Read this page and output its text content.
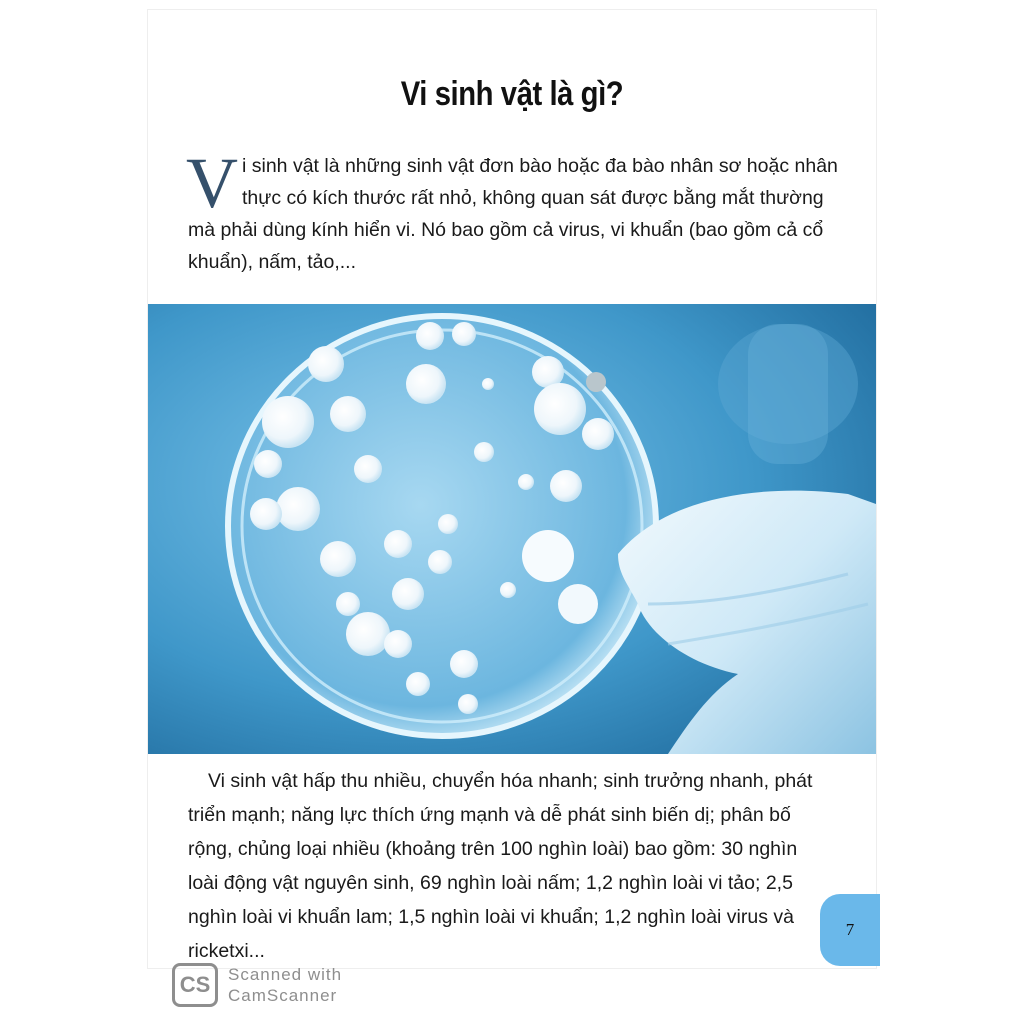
Vi sinh vật là gì?
Vi sinh vật là những sinh vật đơn bào hoặc đa bào nhân sơ hoặc nhân thực có kích thước rất nhỏ, không quan sát được bằng mắt thường mà phải dùng kính hiển vi. Nó bao gồm cả virus, vi khuẩn (bao gồm cả cổ khuẩn), nấm, tảo,...
Vi sinh vật hấp thu nhiều, chuyển hóa nhanh; sinh trưởng nhanh, phát triển mạnh; năng lực thích ứng mạnh và dễ phát sinh biến dị; phân bố rộng, chủng loại nhiều (khoảng trên 100 nghìn loài) bao gồm: 30 nghìn loài động vật nguyên sinh, 69 nghìn loài nấm; 1,2 nghìn loài vi tảo; 2,5 nghìn loài vi khuẩn lam; 1,5 nghìn loài vi khuẩn; 1,2 nghìn loài virus và ricketxi...
7
CS	Scanned with
CamScanner
